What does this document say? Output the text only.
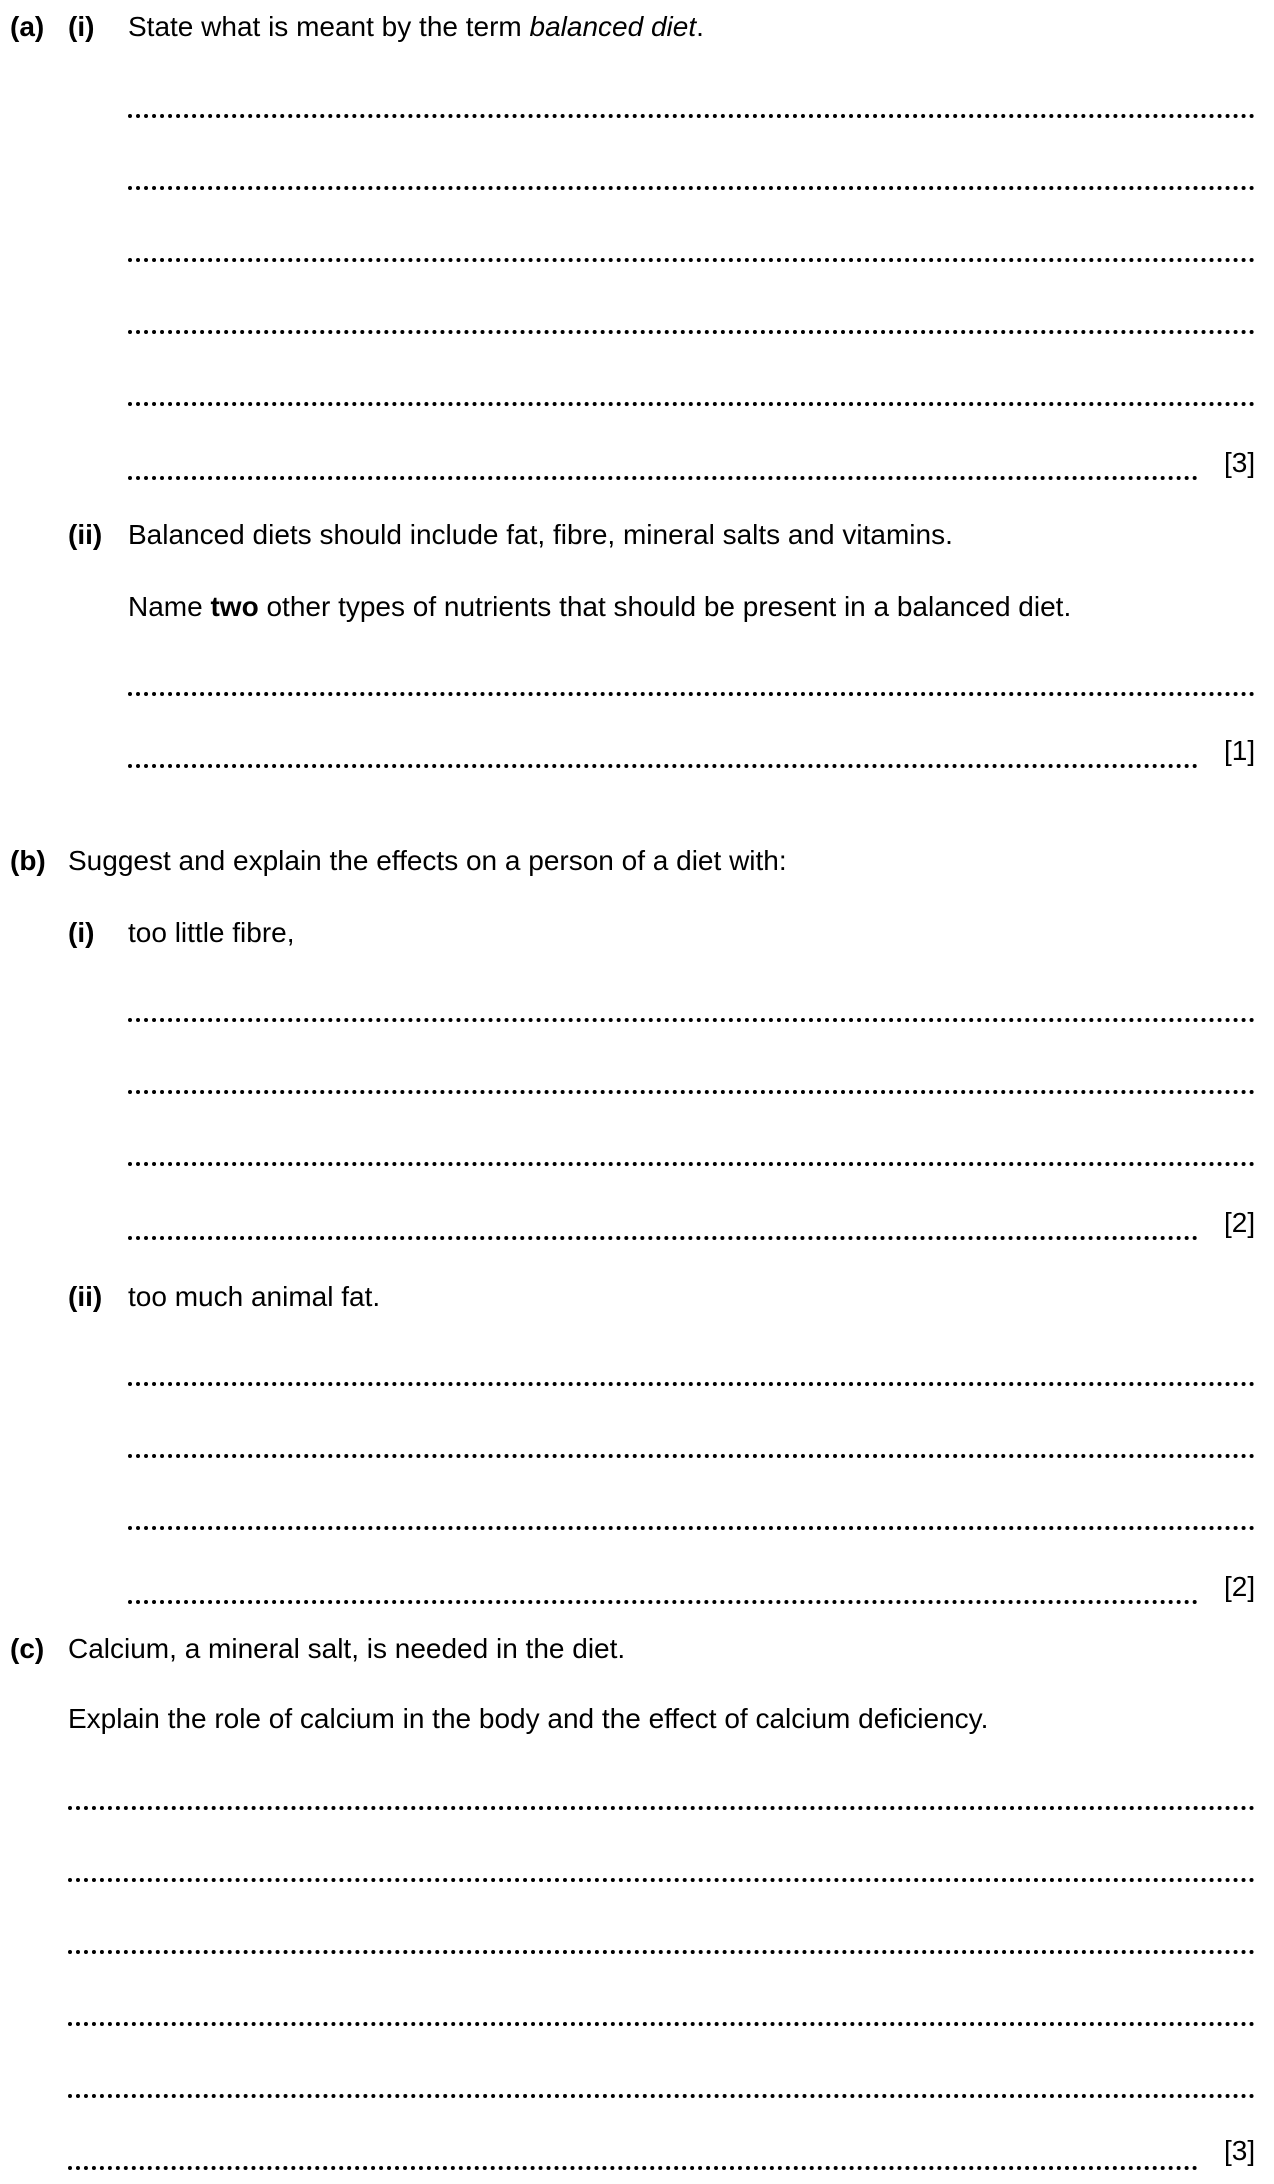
(a) (i) State what is meant by the term balanced diet.
[3]
(ii) Balanced diets should include fat, fibre, mineral salts and vitamins.
Name two other types of nutrients that should be present in a balanced diet.
[1]
(b) Suggest and explain the effects on a person of a diet with:
(i) too little fibre,
[2]
(ii) too much animal fat.
[2]
(c) Calcium, a mineral salt, is needed in the diet.
Explain the role of calcium in the body and the effect of calcium deficiency.
[3]
